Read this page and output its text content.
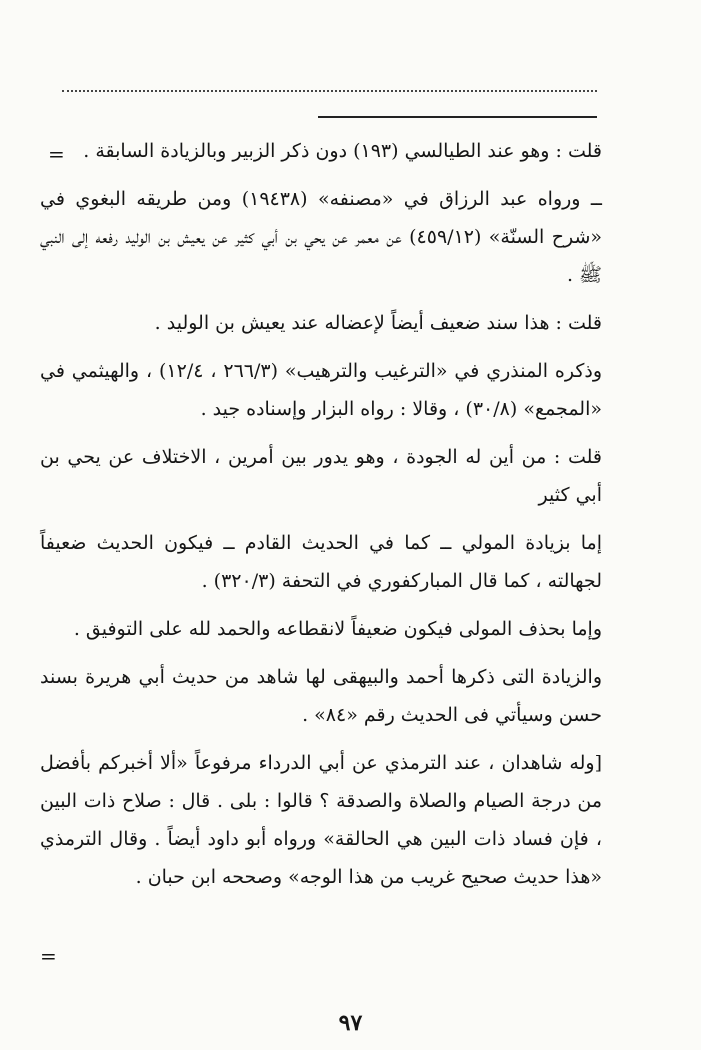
= قلت : وهو عند الطيالسي (١٩٣) دون ذكر الزبير وبالزيادة السابقة .

ــ ورواه عبد الرزاق في «مصنفه» (١٩٤٣٨) ومن طريقه البغوي في «شرح السنّة» (٤٥٩/١٢) عن معمر عن يحي بن أبي كثير عن يعيش بن الوليد رفعه إلى النبي ﷺ .

قلت : هذا سند ضعيف أيضاً لإعضاله عند يعيش بن الوليد .

وذكره المنذري في «الترغيب والترهيب» (٢٦٦/٣ ، ١٢/٤) ، والهيثمي في «المجمع» (٣٠/٨) ، وقالا : رواه البزار وإسناده جيد .

قلت : من أين له الجودة ، وهو يدور بين أمرين ، الاختلاف عن يحي بن أبي كثير

إما بزيادة المولي ــ كما في الحديث القادم ــ فيكون الحديث ضعيفاً لجهالته ، كما قال المباركفوري في التحفة (٣٢٠/٣) .

وإما بحذف المولى فيكون ضعيفاً لانقطاعه والحمد لله على التوفيق .

والزيادة التى ذكرها أحمد والبيهقى لها شاهد من حديث أبي هريرة بسند حسن وسيأتي فى الحديث رقم «٨٤» .

[وله شاهدان ، عند الترمذي عن أبي الدرداء مرفوعاً «ألا أخبركم بأفضل من درجة الصيام والصلاة والصدقة ؟ قالوا : بلى . قال : صلاح ذات البين ، فإن فساد ذات البين هي الحالقة» ورواه أبو داود أيضاً . وقال الترمذي «هذا حديث صحيح غريب من هذا الوجه» وصححه ابن حبان .

=
٩٧
